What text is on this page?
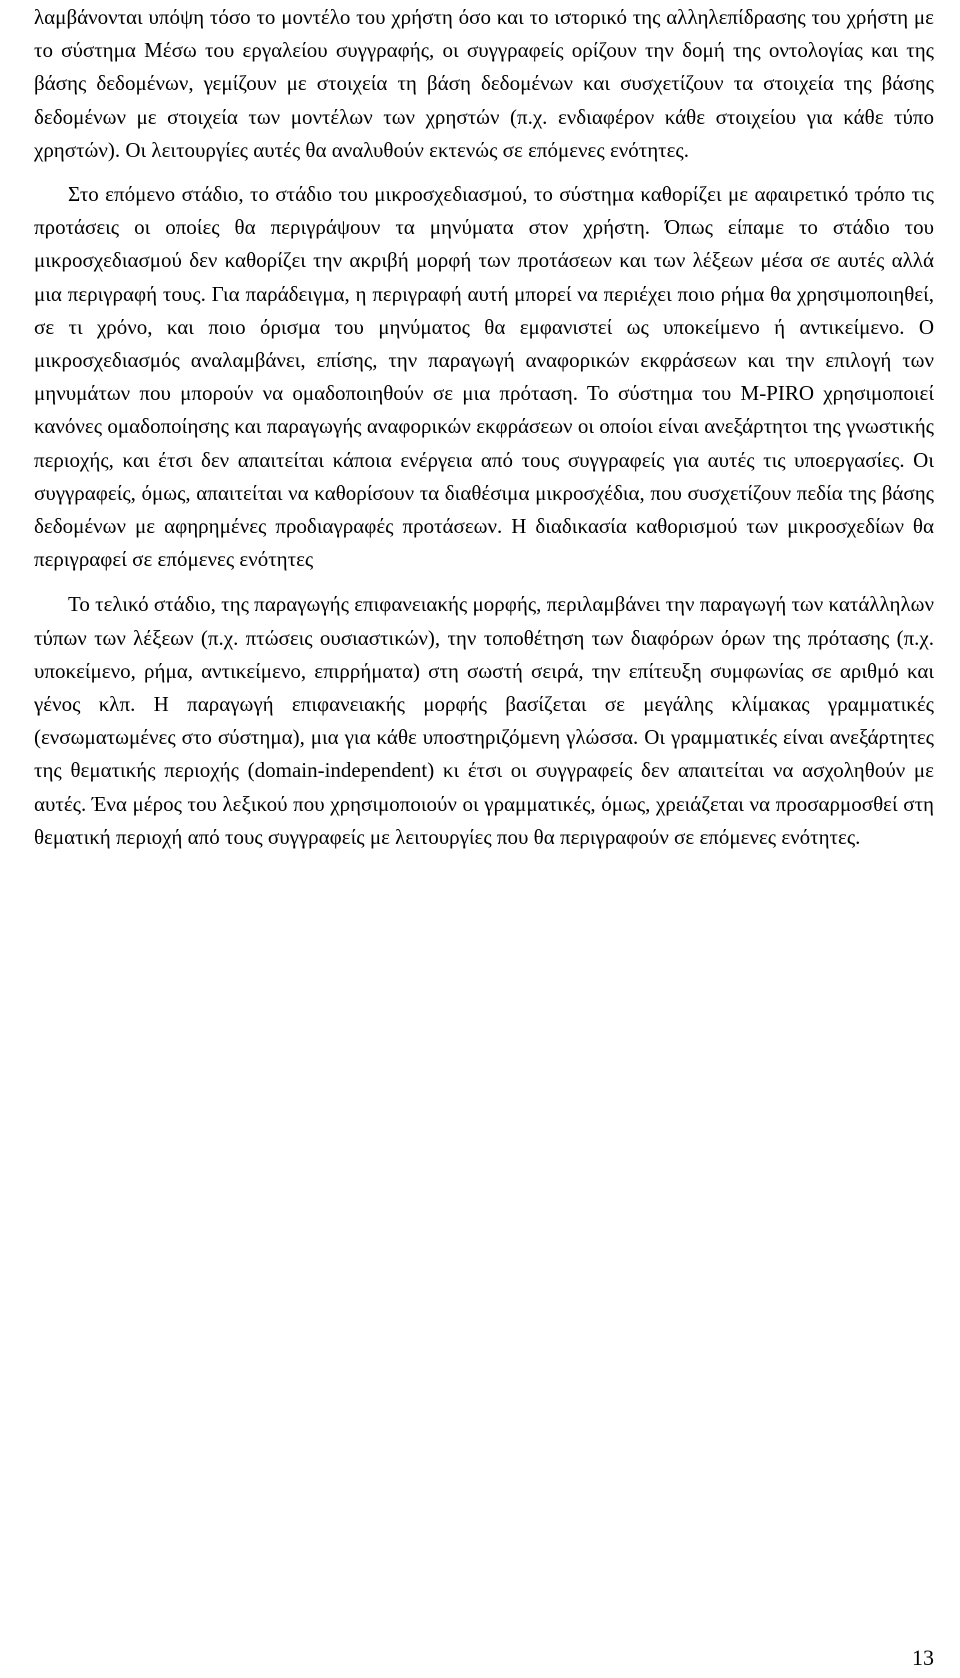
λαμβάνονται υπόψη τόσο το μοντέλο του χρήστη όσο και το ιστορικό της αλληλεπίδρασης του χρήστη με το σύστημα Μέσω του εργαλείου συγγραφής, οι συγγραφείς ορίζουν την δομή της οντολογίας και της βάσης δεδομένων, γεμίζουν με στοιχεία τη βάση δεδομένων και συσχετίζουν τα στοιχεία της βάσης δεδομένων με στοιχεία των μοντέλων των χρηστών (π.χ. ενδιαφέρον κάθε στοιχείου για κάθε τύπο χρηστών). Οι λειτουργίες αυτές θα αναλυθούν εκτενώς σε επόμενες ενότητες.

Στο επόμενο στάδιο, το στάδιο του μικροσχεδιασμού, το σύστημα καθορίζει με αφαιρετικό τρόπο τις προτάσεις οι οποίες θα περιγράψουν τα μηνύματα στον χρήστη. Όπως είπαμε το στάδιο του μικροσχεδιασμού δεν καθορίζει την ακριβή μορφή των προτάσεων και των λέξεων μέσα σε αυτές αλλά μια περιγραφή τους. Για παράδειγμα, η περιγραφή αυτή μπορεί να περιέχει ποιο ρήμα θα χρησιμοποιηθεί, σε τι χρόνο, και ποιο όρισμα του μηνύματος θα εμφανιστεί ως υποκείμενο ή αντικείμενο. Ο μικροσχεδιασμός αναλαμβάνει, επίσης, την παραγωγή αναφορικών εκφράσεων και την επιλογή των μηνυμάτων που μπορούν να ομαδοποιηθούν σε μια πρόταση. Το σύστημα του M-PIRO χρησιμοποιεί κανόνες ομαδοποίησης και παραγωγής αναφορικών εκφράσεων οι οποίοι είναι ανεξάρτητοι της γνωστικής περιοχής, και έτσι δεν απαιτείται κάποια ενέργεια από τους συγγραφείς για αυτές τις υποεργασίες. Οι συγγραφείς, όμως, απαιτείται να καθορίσουν τα διαθέσιμα μικροσχέδια, που συσχετίζουν πεδία της βάσης δεδομένων με αφηρημένες προδιαγραφές προτάσεων. Η διαδικασία καθορισμού των μικροσχεδίων θα περιγραφεί σε επόμενες ενότητες

Το τελικό στάδιο, της παραγωγής επιφανειακής μορφής, περιλαμβάνει την παραγωγή των κατάλληλων τύπων των λέξεων (π.χ. πτώσεις ουσιαστικών), την τοποθέτηση των διαφόρων όρων της πρότασης (π.χ. υποκείμενο, ρήμα, αντικείμενο, επιρρήματα) στη σωστή σειρά, την επίτευξη συμφωνίας σε αριθμό και γένος κλπ. Η παραγωγή επιφανειακής μορφής βασίζεται σε μεγάλης κλίμακας γραμματικές (ενσωματωμένες στο σύστημα), μια για κάθε υποστηριζόμενη γλώσσα. Οι γραμματικές είναι ανεξάρτητες της θεματικής περιοχής (domain-independent) κι έτσι οι συγγραφείς δεν απαιτείται να ασχοληθούν με αυτές. Ένα μέρος του λεξικού που χρησιμοποιούν οι γραμματικές, όμως, χρειάζεται να προσαρμοσθεί στη θεματική περιοχή από τους συγγραφείς με λειτουργίες που θα περιγραφούν σε επόμενες ενότητες.

13
